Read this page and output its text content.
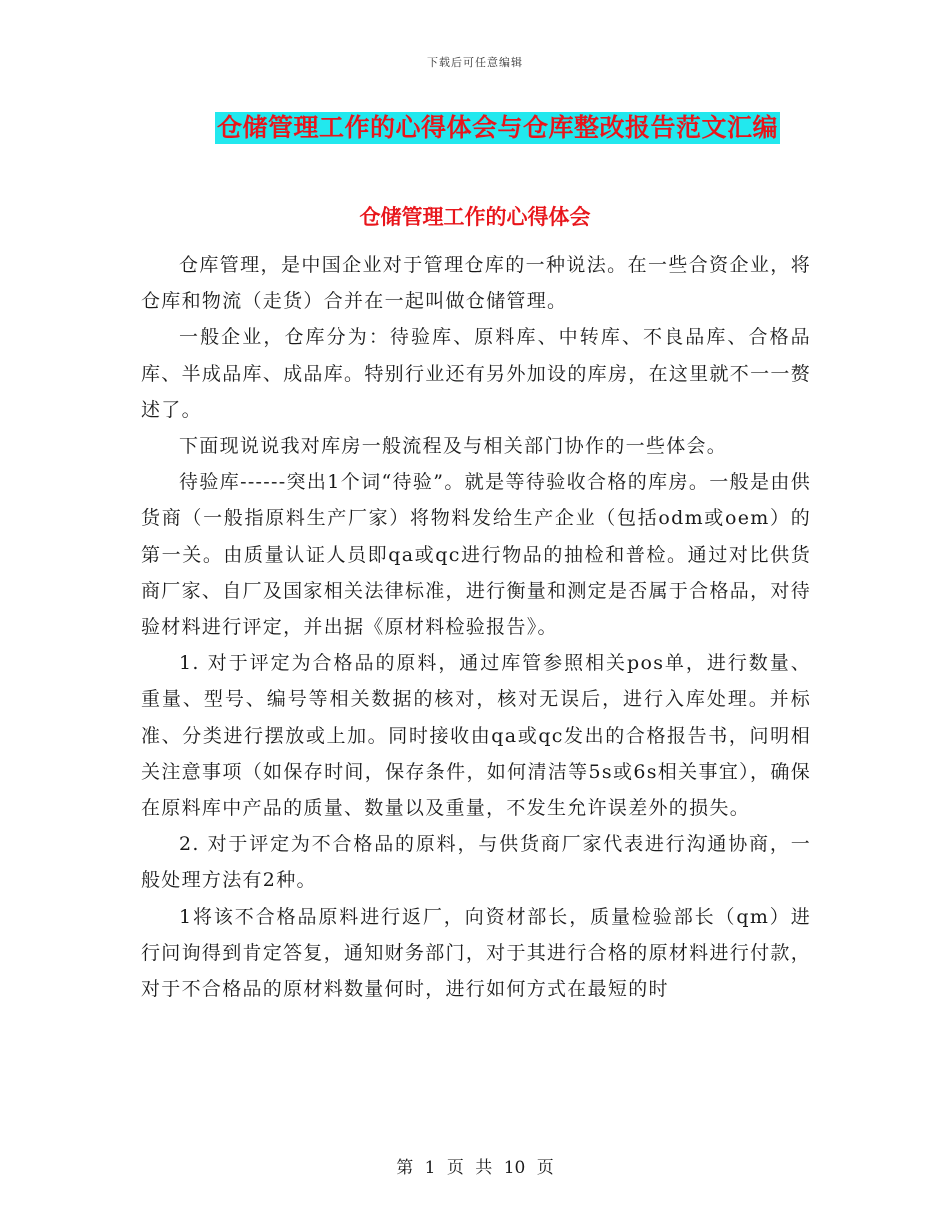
下载后可任意编辑
仓储管理工作的心得体会与仓库整改报告范文汇编
仓储管理工作的心得体会

仓库管理，是中国企业对于管理仓库的一种说法。在一些合资企业，将仓库和物流（走货）合并在一起叫做仓储管理。

一般企业，仓库分为：待验库、原料库、中转库、不良品库、合格品库、半成品库、成品库。特别行业还有另外加设的库房，在这里就不一一赘述了。

下面现说说我对库房一般流程及与相关部门协作的一些体会。

待验库------突出1个词“待验”。就是等待验收合格的库房。一般是由供货商（一般指原料生产厂家）将物料发给生产企业（包括odm或oem）的第一关。由质量认证人员即qa或qc进行物品的抽检和普检。通过对比供货商厂家、自厂及国家相关法律标准，进行衡量和测定是否属于合格品，对待验材料进行评定，并出据《原材料检验报告》。

1. 对于评定为合格品的原料，通过库管参照相关pos单，进行数量、重量、型号、编号等相关数据的核对，核对无误后，进行入库处理。并标准、分类进行摆放或上加。同时接收由qa或qc发出的合格报告书，问明相关注意事项（如保存时间，保存条件，如何清洁等5s或6s相关事宜），确保在原料库中产品的质量、数量以及重量，不发生允许误差外的损失。

2. 对于评定为不合格品的原料，与供货商厂家代表进行沟通协商，一般处理方法有2种。

1将该不合格品原料进行返厂，向资材部长，质量检验部长（qm）进行问询得到肯定答复，通知财务部门，对于其进行合格的原材料进行付款，对于不合格品的原材料数量何时，进行如何方式在最短的时

第 1 页 共 10 页
